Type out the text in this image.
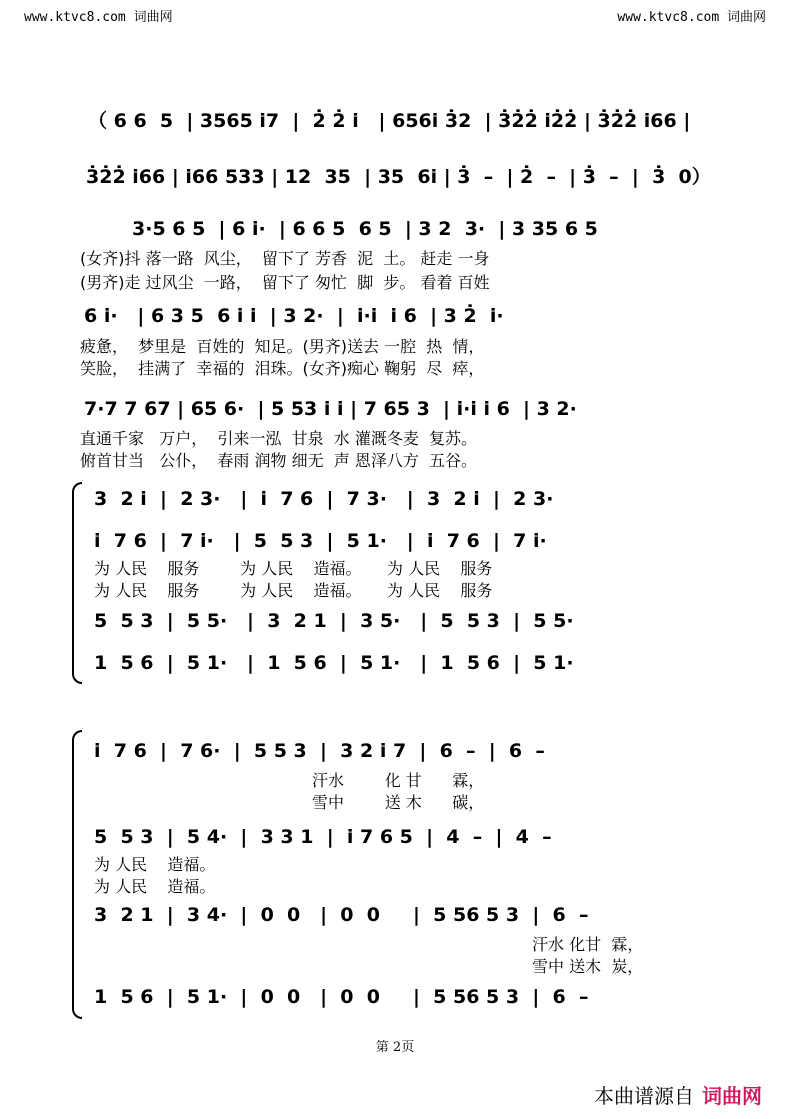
www.ktvc8.com 词曲网	www.ktvc8.com 词曲网
（ 6 6  5  | 3565 i7  |  2̇ 2̇ i   | 656i 3̇2  | 3̇2̇2̇ i2̇2̇ | 3̇2̇2̇ i66 |
3̇2̇2̇ i66 | i66 533 | 12  35  | 35  6i | 3̇  –  | 2̇  –  | 3̇  –  |  3̇  0）
3·5 6 5  | 6 i·  | 6 6 5  6 5  | 3 2  3·  | 3 35 6 5
(女齐)抖 落一路  风尘，  留下了 芳香  泥  土。 赶走 一身
(男齐)走 过风尘  一路，  留下了 匆忙  脚  步。 看着 百姓
6 i·   | 6 3 5  6 i i  | 3 2·  |  i·i  i 6  | 3 2̇  i·
疲惫，  梦里是  百姓的  知足。(男齐)送去 一腔  热  情，
笑脸，  挂满了  幸福的  泪珠。(女齐)痴心 鞠躬  尽  瘁，
7·7 7 67 | 65 6·  | 5 53 i i | 7 65 3  | i·i i 6  | 3 2·
直通千家   万户，  引来一泓  甘泉  水 灌溉冬麦  复苏。
俯首甘当   公仆，  春雨 润物 细无  声 恩泽八方  五谷。
3  2 i  |  2 3·   |  i  7 6  |  7 3·   |  3  2 i  |  2 3·
i  7 6  |  7 i·   |  5  5 3  |  5 1·   |  i  7 6  |  7 i·
为 人民    服务        为 人民    造福。     为 人民    服务
为 人民    服务        为 人民    造福。     为 人民    服务
5  5 3  |  5 5·   |  3  2 1  |  3 5·   |  5  5 3  |  5 5·
1  5 6  |  5 1·   |  1  5 6  |  5 1·   |  1  5 6  |  5 1·
i  7 6  |  7 6·  |  5 5 3  |  3 2 i 7  |  6  –  |  6  –
汗水        化 甘      霖，
雪中        送 木      碳，
5  5 3  |  5 4·  |  3 3 1  |  i 7 6 5  |  4  –  |  4  –
为 人民    造福。
为 人民    造福。
3  2 1  |  3 4·  |  0  0   |  0  0     |  5 56 5 3  |  6  –
汗水 化甘  霖，
雪中 送木  炭，
1  5 6  |  5 1·  |  0  0   |  0  0     |  5 56 5 3  |  6  –
第 2页
本曲谱源自 词曲网
